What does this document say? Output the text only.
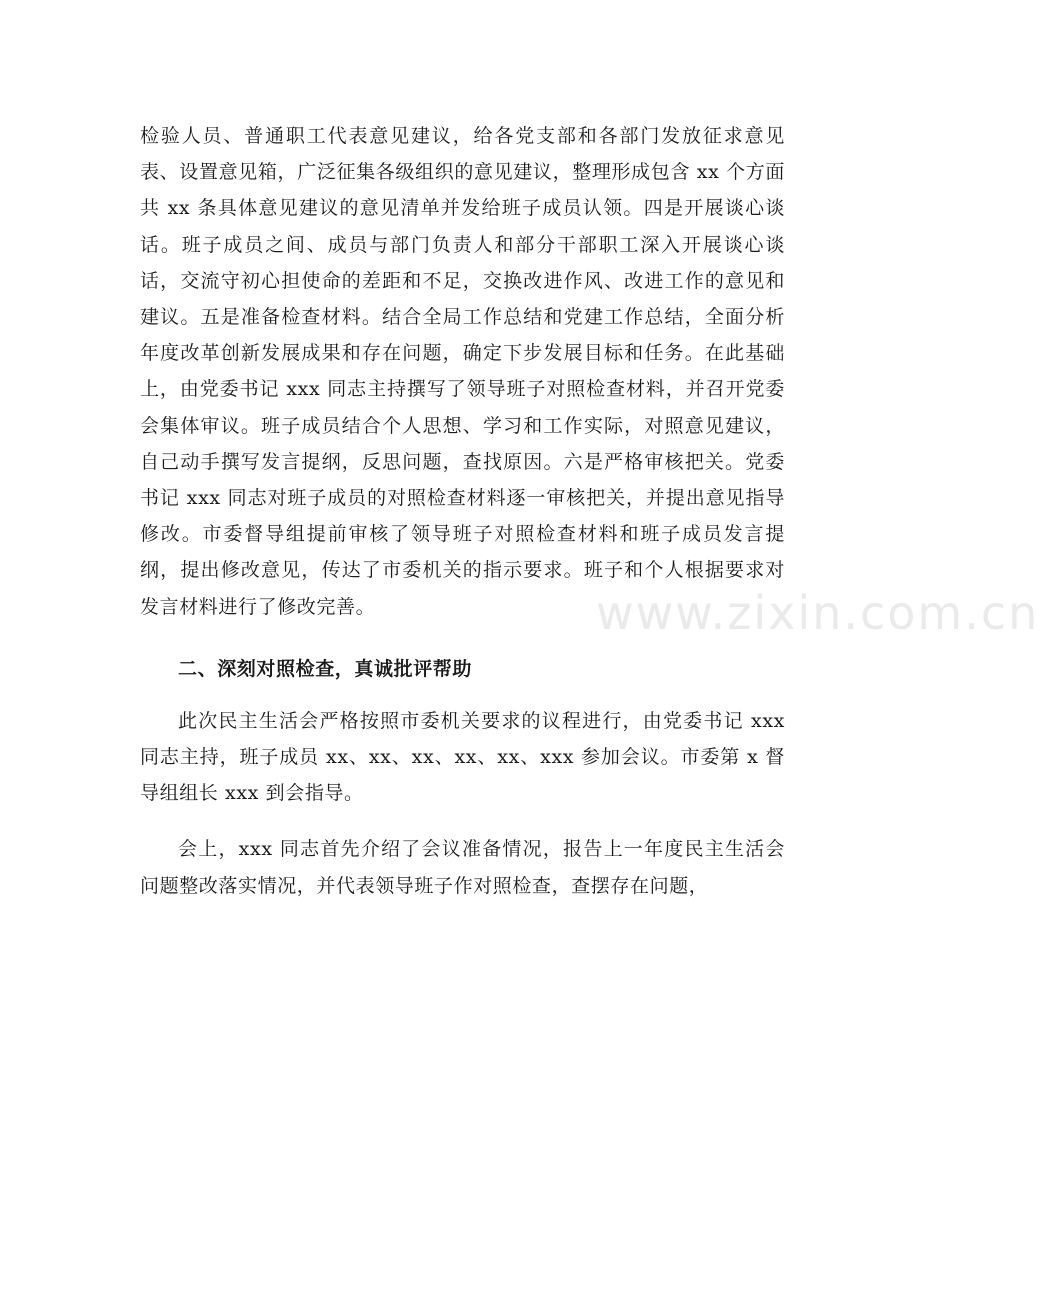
检验人员、普通职工代表意见建议，给各党支部和各部门发放征求意见表、设置意见箱，广泛征集各级组织的意见建议，整理形成包含 xx 个方面共 xx 条具体意见建议的意见清单并发给班子成员认领。四是开展谈心谈话。班子成员之间、成员与部门负责人和部分干部职工深入开展谈心谈话，交流守初心担使命的差距和不足，交换改进作风、改进工作的意见和建议。五是准备检查材料。结合全局工作总结和党建工作总结，全面分析年度改革创新发展成果和存在问题，确定下步发展目标和任务。在此基础上，由党委书记 xxx 同志主持撰写了领导班子对照检查材料，并召开党委会集体审议。班子成员结合个人思想、学习和工作实际，对照意见建议，自己动手撰写发言提纲，反思问题，查找原因。六是严格审核把关。党委书记 xxx 同志对班子成员的对照检查材料逐一审核把关，并提出意见指导修改。市委督导组提前审核了领导班子对照检查材料和班子成员发言提纲，提出修改意见，传达了市委机关的指示要求。班子和个人根据要求对发言材料进行了修改完善。

二、深刻对照检查，真诚批评帮助

此次民主生活会严格按照市委机关要求的议程进行，由党委书记 xxx 同志主持，班子成员 xx、xx、xx、xx、xx、xxx 参加会议。市委第 x 督导组组长 xxx 到会指导。

会上，xxx 同志首先介绍了会议准备情况，报告上一年度民主生活会问题整改落实情况，并代表领导班子作对照检查，查摆存在问题，

www.zixin.com.cn
